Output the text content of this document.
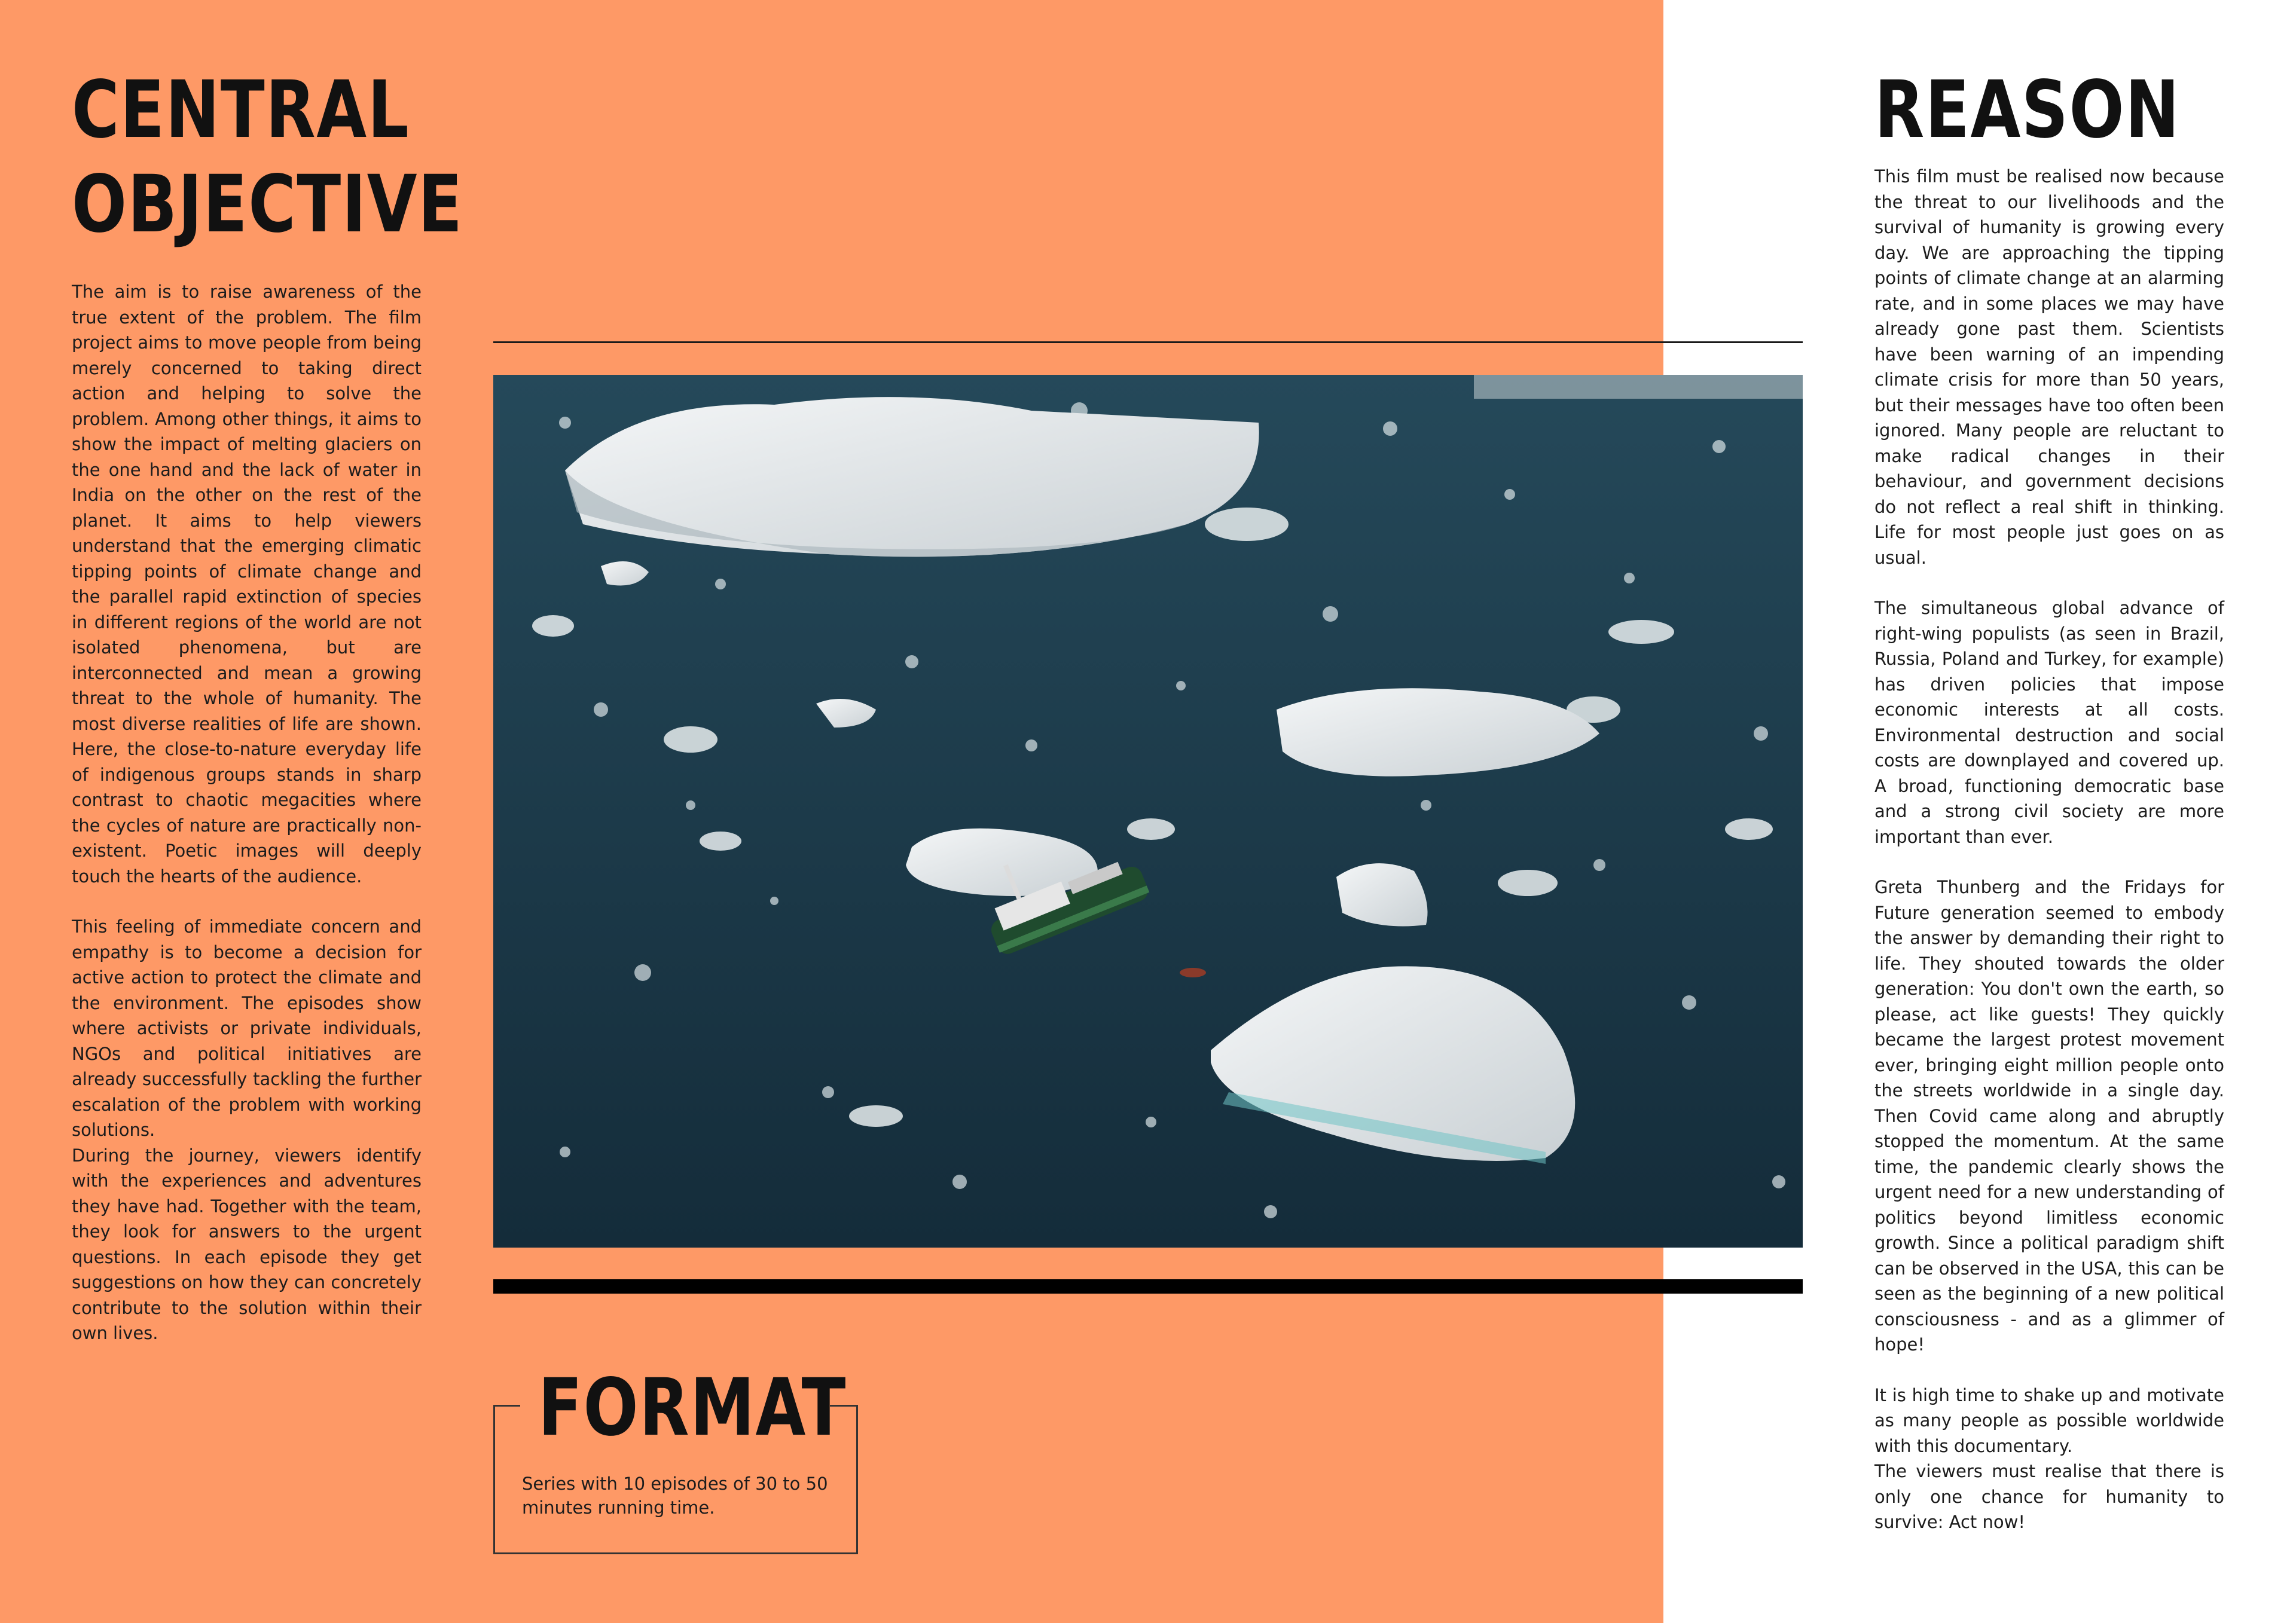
CENTRAL
OBJECTIVE

The aim is to raise awareness of the true extent of the problem. The film project aims to move people from being merely concerned to taking direct action and helping to solve the problem. Among other things, it aims to show the impact of melting glaciers on the one hand and the lack of water in India on the other on the rest of the planet. It aims to help viewers understand that the emerging climatic tipping points of climate change and the parallel rapid extinction of species in different regions of the world are not isolated phenomena, but are interconnected and mean a growing threat to the whole of humanity. The most diverse realities of life are shown. Here, the close-to-nature everyday life of indigenous groups stands in sharp contrast to chaotic megacities where the cycles of nature are practically non-existent. Poetic images will deeply touch the hearts of the audience.

This feeling of immediate concern and empathy is to become a decision for active action to protect the climate and the environment. The episodes show where activists or private individuals, NGOs and political initiatives are already successfully tackling the further escalation of the problem with working solutions.

During the journey, viewers identify with the experiences and adventures they have had. Together with the team, they look for answers to the urgent questions. In each episode they get suggestions on how they can concretely contribute to the solution within their own lives.

FORMAT

Series with 10 episodes of 30 to 50 minutes running time.

REASON

This film must be realised now because the threat to our livelihoods and the survival of humanity is growing every day. We are approaching the tipping points of climate change at an alarming rate, and in some places we may have already gone past them. Scientists have been warning of an impending climate crisis for more than 50 years, but their messages have too often been ignored. Many people are reluctant to make radical changes in their behaviour, and government decisions do not reflect a real shift in thinking. Life for most people just goes on as usual.

The simultaneous global advance of right-wing populists (as seen in Brazil, Russia, Poland and Turkey, for example) has driven policies that impose economic interests at all costs. Environmental destruction and social costs are downplayed and covered up. A broad, functioning democratic base and a strong civil society are more important than ever.

Greta Thunberg and the Fridays for Future generation seemed to embody the answer by demanding their right to life. They shouted towards the older generation: You don't own the earth, so please, act like guests! They quickly became the largest protest movement ever, bringing eight million people onto the streets worldwide in a single day. Then Covid came along and abruptly stopped the momentum. At the same time, the pandemic clearly shows the urgent need for a new understanding of politics beyond limitless economic growth. Since a political paradigm shift can be observed in the USA, this can be seen as the beginning of a new political consciousness - and as a glimmer of hope!

It is high time to shake up and motivate as many people as possible worldwide with this documentary.

The viewers must realise that there is only one chance for humanity to survive: Act now!
